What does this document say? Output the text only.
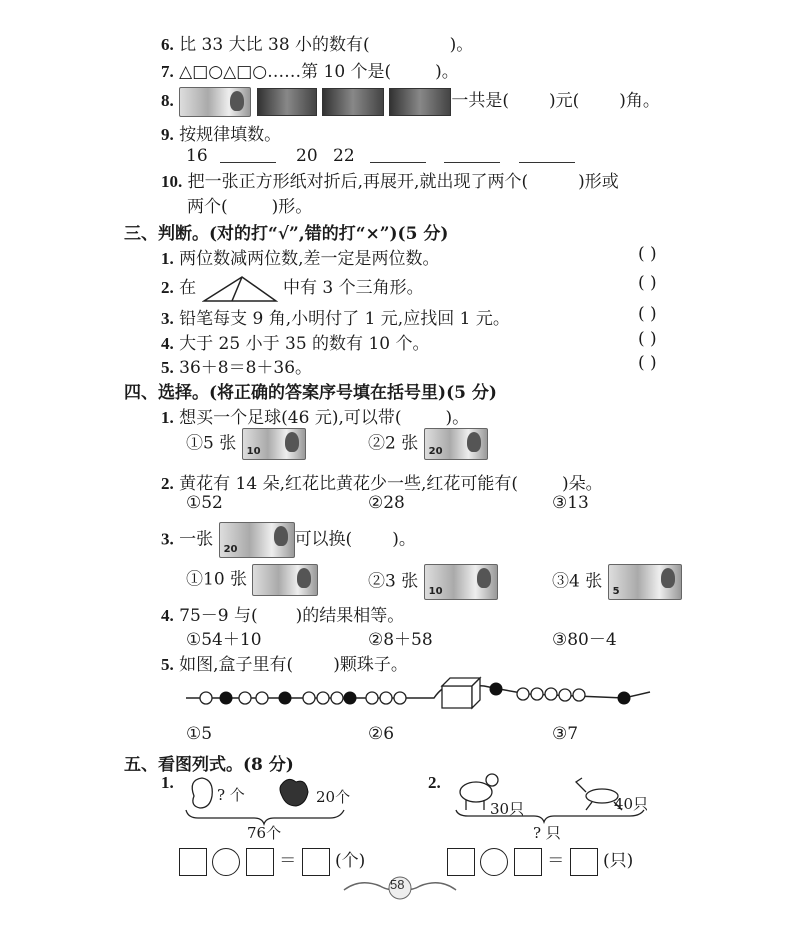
6. 比 33 大比 38 小的数有(	)。
7. △□○△□○……第 10 个是(	)。
8.	一共是( )元( )角。
9. 按规律填数。
16	20 22
10. 把一张正方形纸对折后,再展开,就出现了两个(	)形或
两个(	)形。
三、判断。(对的打“√”,错的打“×”)(5 分)
1. 两位数减两位数,差一定是两位数。	( )
2. 在	中有 3 个三角形。	( )
3. 铅笔每支 9 角,小明付了 1 元,应找回 1 元。	( )
4. 大于 25 小于 35 的数有 10 个。	( )
5. 36＋8＝8＋36。	( )
四、选择。(将正确的答案序号填在括号里)(5 分)
1. 想买一个足球(46 元),可以带(	)。
①5 张 10	②2 张 20
2. 黄花有 14 朵,红花比黄花少一些,红花可能有(	)朵。
①52	②28	③13
3. 一张 20	可以换( )。
①10 张	②3 张 10	③4 张 5
4. 75－9 与( )的结果相等。
①54＋10	②8＋58	③80－4
5. 如图,盒子里有( )颗珠子。
①5	②6	③7
五、看图列式。(8 分)
1.
? 个	20个
76个
＝ (个)
2.
30只	40只
? 只
＝ (只)
58
